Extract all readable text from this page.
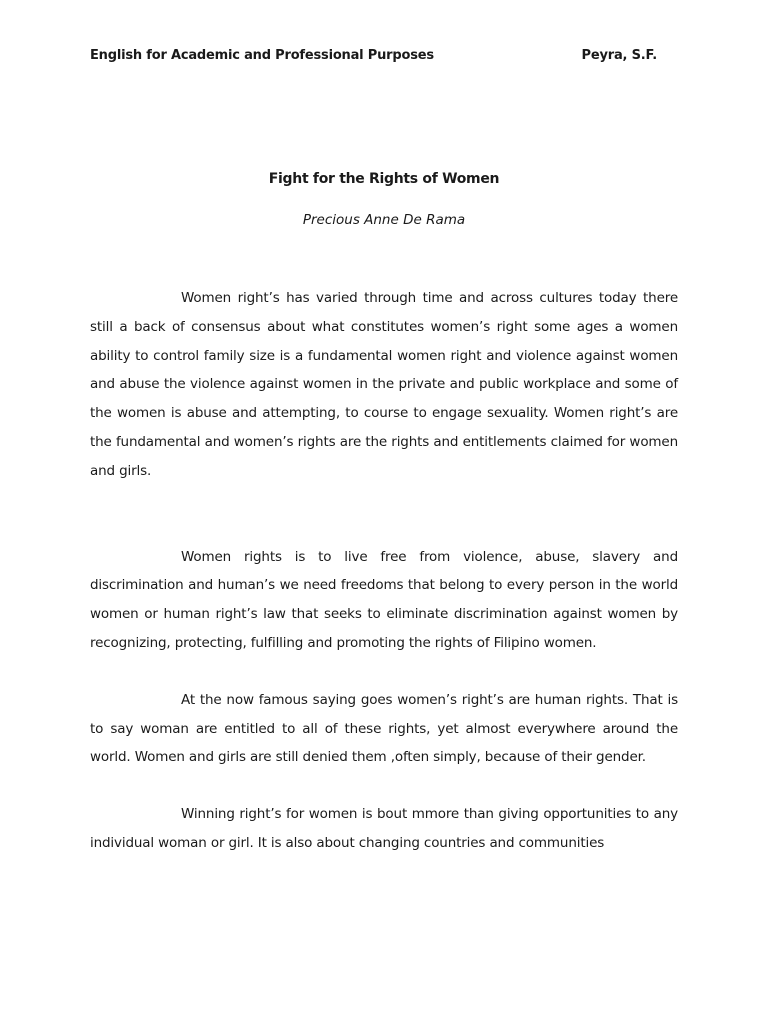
English for Academic and Professional Purposes	Peyra, S.F.
Fight for the Rights of Women
Precious Anne De Rama

Women right’s has varied through time and across cultures today there still a back of consensus about what constitutes women’s right some ages a women ability to control family size is a fundamental women right and violence against women and abuse the violence against women in the private and public workplace and some of the women is abuse and attempting, to course to engage sexuality. Women right’s are the fundamental and women’s rights are the rights and entitlements claimed for women and girls.

Women rights is to live free from violence, abuse, slavery and discrimination and human’s we need freedoms that belong to every person in the world women or human right’s law that seeks to eliminate discrimination against women by recognizing, protecting, fulfilling and promoting the rights of Filipino women.

At the now famous saying goes women’s right’s are human rights. That is to say woman are entitled to all of these rights, yet almost everywhere around the world. Women and girls are still denied them ,often simply, because of their gender.

Winning right’s for women is bout mmore than giving opportunities to any individual woman or girl. It is also about changing countries and communities
